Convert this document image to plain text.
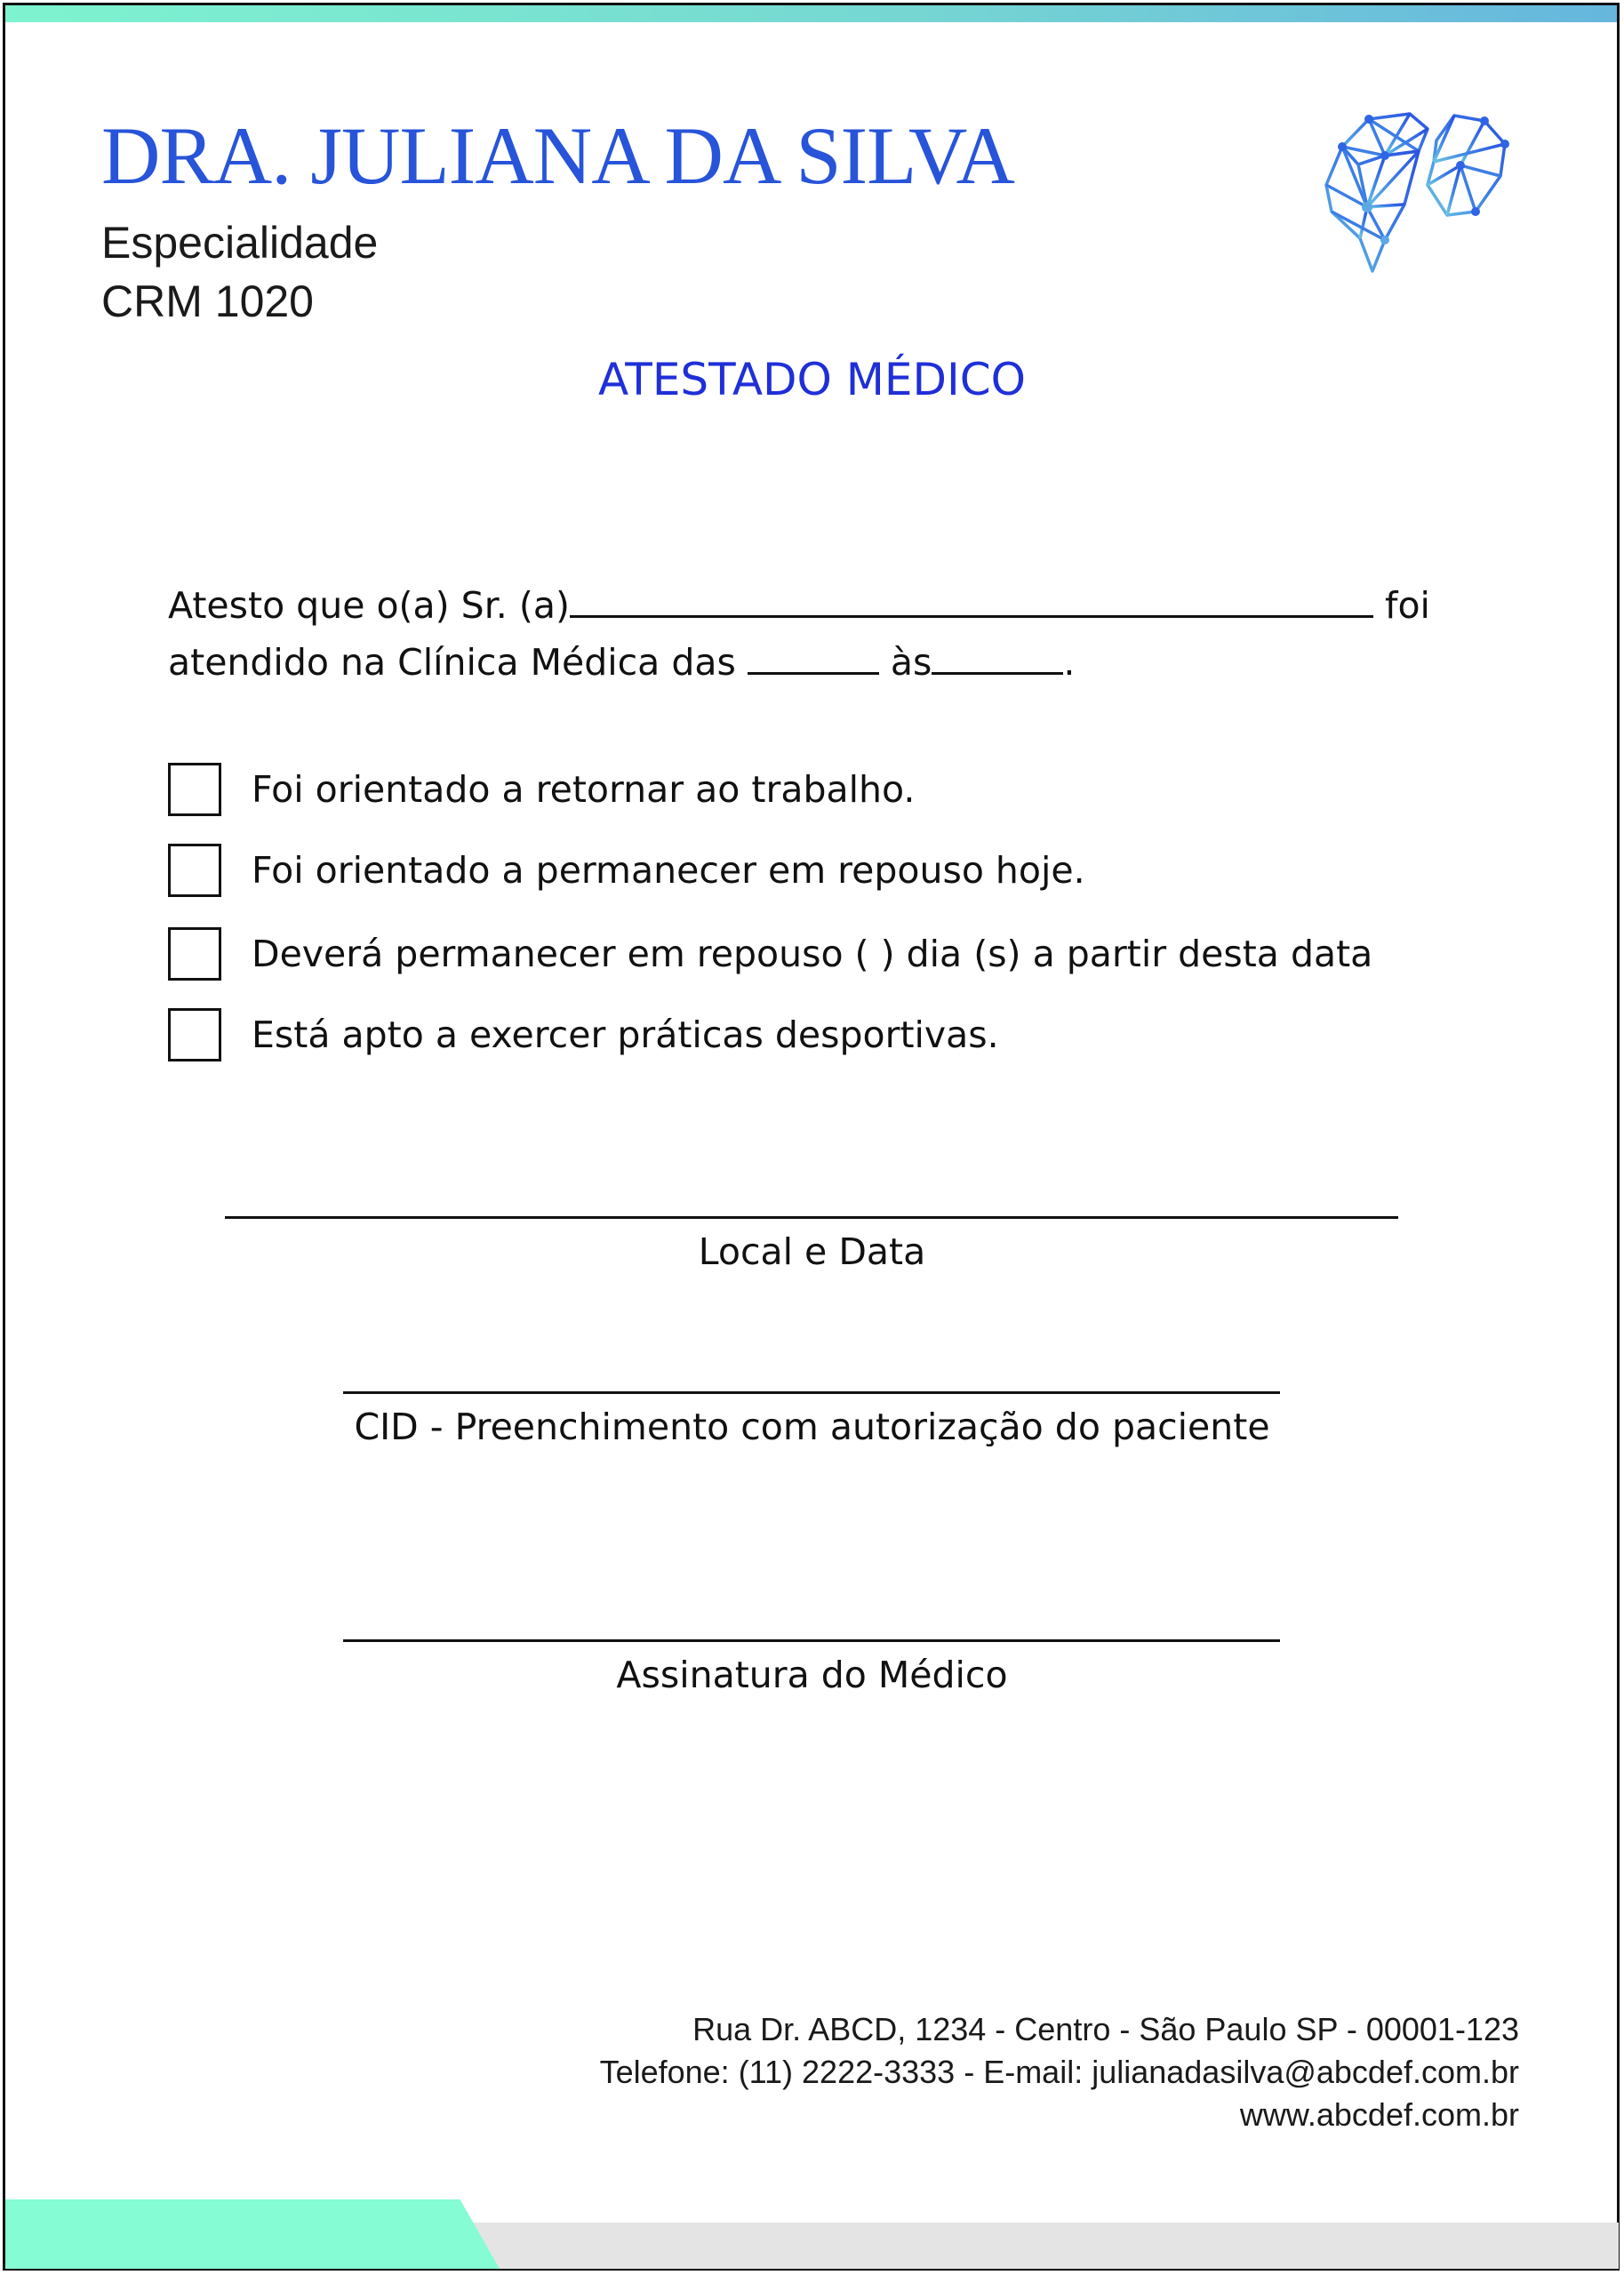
DRA. JULIANA DA SILVA

Especialidade

CRM 1020

ATESTADO MÉDICO
Atesto que o(a) Sr. (a)	foi
atendido na Clínica Médica das	às	.
Foi orientado a retornar ao trabalho.
Foi orientado a permanecer em repouso hoje.
Deverá permanecer em repouso ( ) dia (s) a partir desta data
Está apto a exercer práticas desportivas.
Local e Data
CID - Preenchimento com autorização do paciente
Assinatura do Médico
Rua Dr. ABCD, 1234 - Centro - São Paulo SP - 00001-123
Telefone: (11) 2222-3333 - E-mail: julianadasilva@abcdef.com.br
www.abcdef.com.br
